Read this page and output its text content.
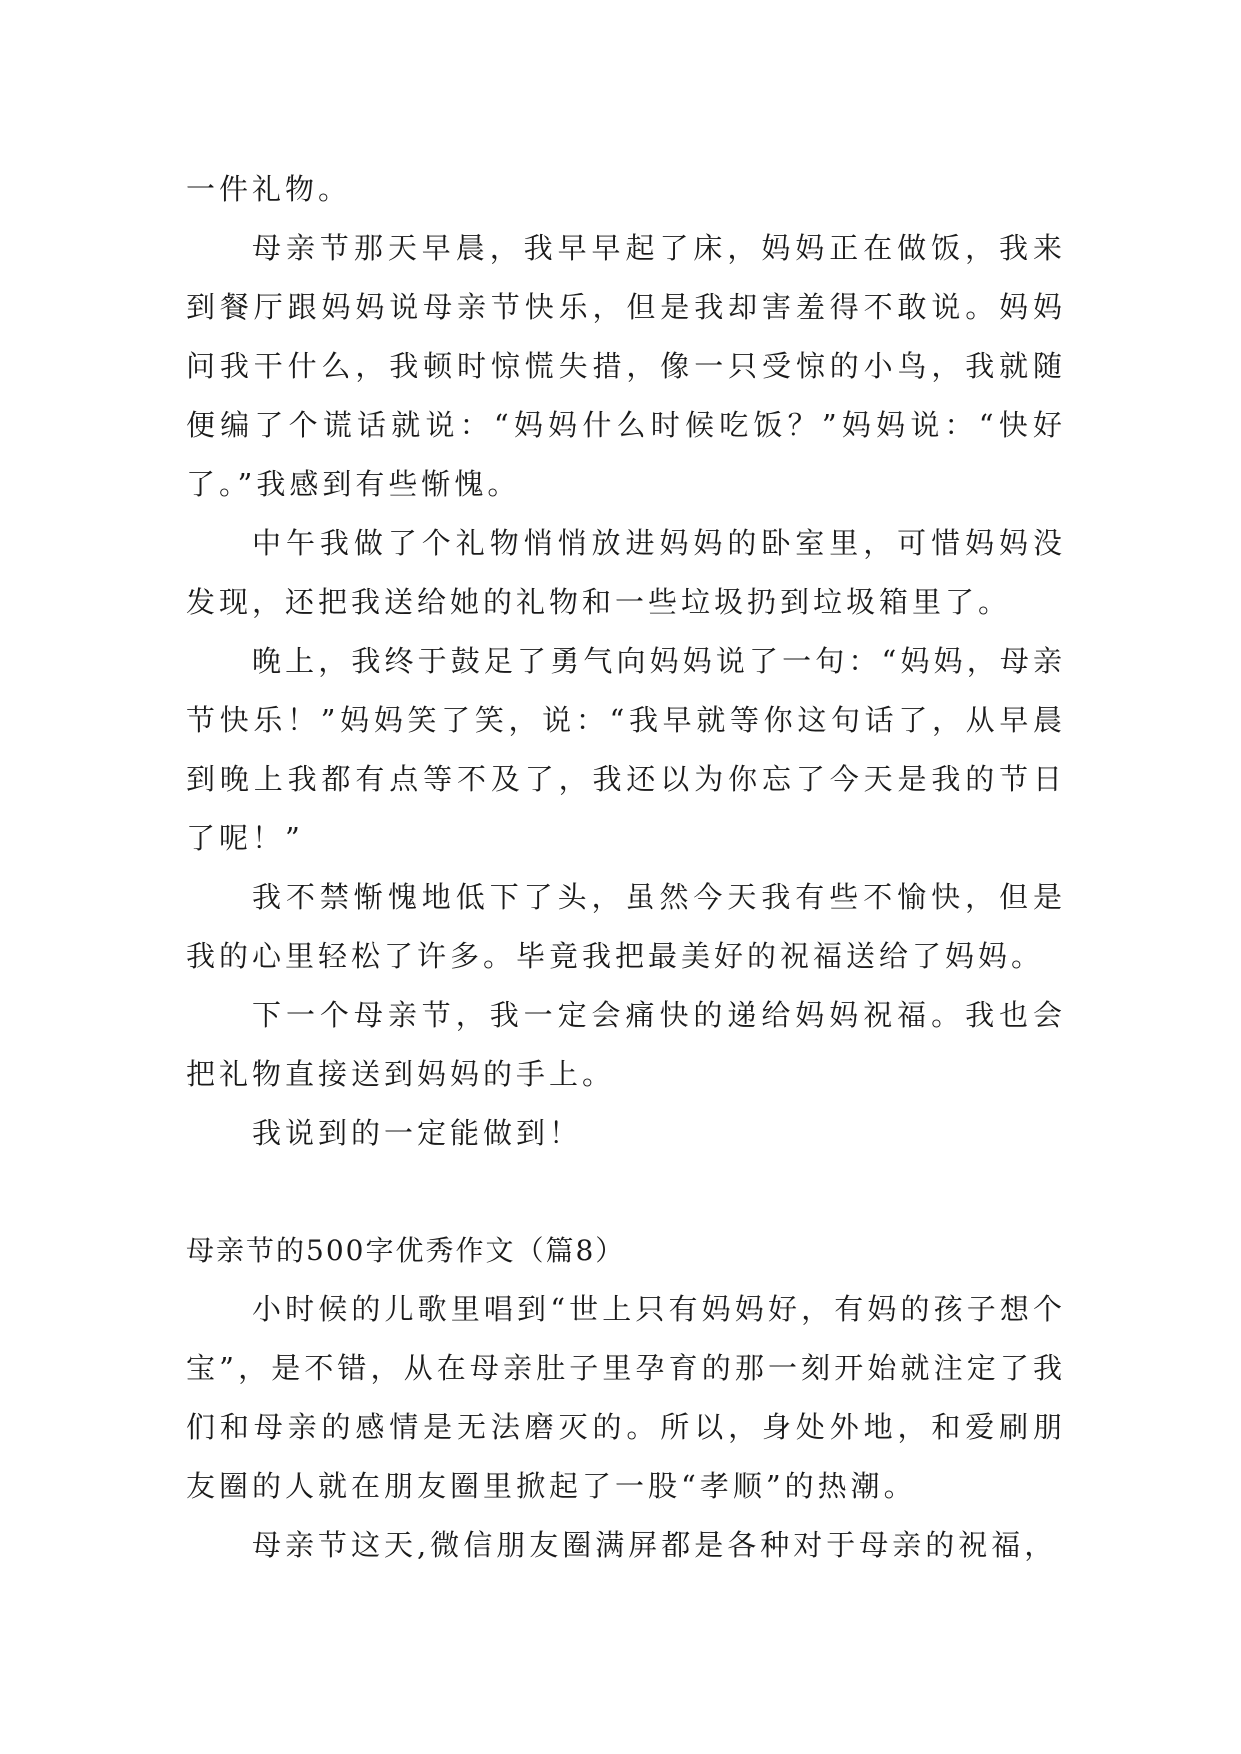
一件礼物。

母亲节那天早晨，我早早起了床，妈妈正在做饭，我来到餐厅跟妈妈说母亲节快乐，但是我却害羞得不敢说。妈妈问我干什么，我顿时惊慌失措，像一只受惊的小鸟，我就随便编了个谎话就说：“妈妈什么时候吃饭？”妈妈说：“快好了。”我感到有些惭愧。

中午我做了个礼物悄悄放进妈妈的卧室里，可惜妈妈没发现，还把我送给她的礼物和一些垃圾扔到垃圾箱里了。

晚上，我终于鼓足了勇气向妈妈说了一句：“妈妈，母亲节快乐！”妈妈笑了笑，说：“我早就等你这句话了，从早晨到晚上我都有点等不及了，我还以为你忘了今天是我的节日了呢！”

我不禁惭愧地低下了头，虽然今天我有些不愉快，但是我的心里轻松了许多。毕竟我把最美好的祝福送给了妈妈。

下一个母亲节，我一定会痛快的递给妈妈祝福。我也会把礼物直接送到妈妈的手上。

我说到的一定能做到！

母亲节的500字优秀作文（篇8）

小时候的儿歌里唱到“世上只有妈妈好，有妈的孩子想个宝”，是不错，从在母亲肚子里孕育的那一刻开始就注定了我们和母亲的感情是无法磨灭的。所以，身处外地，和爱刷朋友圈的人就在朋友圈里掀起了一股“孝顺”的热潮。

母亲节这天,微信朋友圈满屏都是各种对于母亲的祝福，
